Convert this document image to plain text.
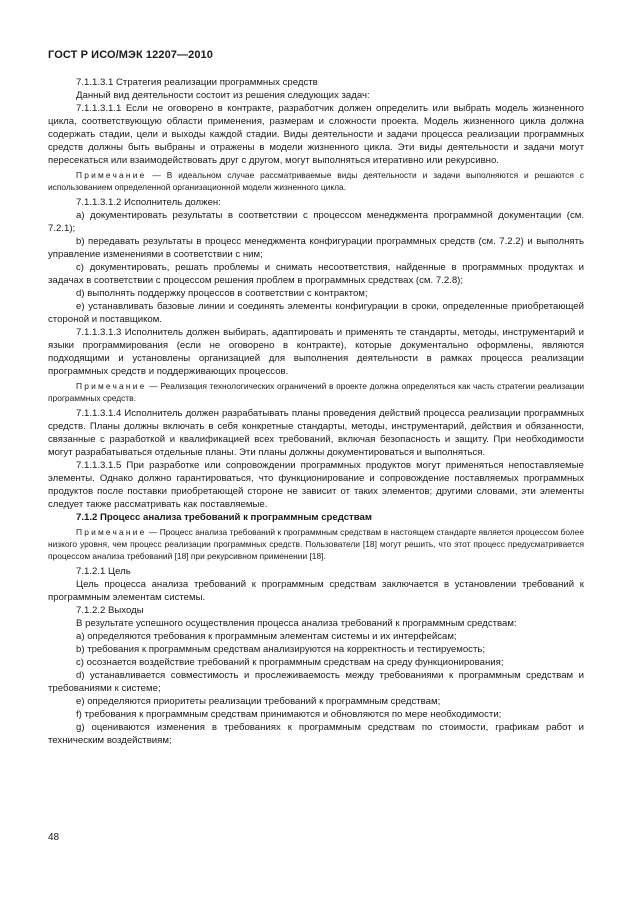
ГОСТ Р ИСО/МЭК 12207—2010

7.1.1.3.1 Стратегия реализации программных средств

Данный вид деятельности состоит из решения следующих задач:

7.1.1.3.1.1 Если не оговорено в контракте, разработчик должен определить или выбрать модель жизненного цикла, соответствующую области применения, размерам и сложности проекта. Модель жизненного цикла должна содержать стадии, цели и выходы каждой стадии. Виды деятельности и задачи процесса реализации программных средств должны быть выбраны и отражены в модели жизненного цикла. Эти виды деятельности и задачи могут пересекаться или взаимодействовать друг с другом, могут выполняться итеративно или рекурсивно.

Примечание — В идеальном случае рассматриваемые виды деятельности и задачи выполняются и решаются с использованием определенной организационной модели жизненного цикла.

7.1.1.3.1.2 Исполнитель должен:

а) документировать результаты в соответствии с процессом менеджмента программной документации (см. 7.2.1);

b) передавать результаты в процесс менеджмента конфигурации программных средств (см. 7.2.2) и выполнять управление изменениями в соответствии с ним;

с) документировать, решать проблемы и снимать несоответствия, найденные в программных продуктах и задачах в соответствии с процессом решения проблем в программных средствах (см. 7.2.8);

d) выполнять поддержку процессов в соответствии с контрактом;

е) устанавливать базовые линии и соединять элементы конфигурации в сроки, определенные приобретающей стороной и поставщиком.

7.1.1.3.1.3 Исполнитель должен выбирать, адаптировать и применять те стандарты, методы, инструментарий и языки программирования (если не оговорено в контракте), которые документально оформлены, являются подходящими и установлены организацией для выполнения деятельности в рамках процесса реализации программных средств и поддерживающих процессов.

Примечание — Реализация технологических ограничений в проекте должна определяться как часть стратегии реализации программных средств.

7.1.1.3.1.4 Исполнитель должен разрабатывать планы проведения действий процесса реализации программных средств. Планы должны включать в себя конкретные стандарты, методы, инструментарий, действия и обязанности, связанные с разработкой и квалификацией всех требований, включая безопасность и защиту. При необходимости могут разрабатываться отдельные планы. Эти планы должны документироваться и выполняться.

7.1.1.3.1.5 При разработке или сопровождении программных продуктов могут применяться непоставляемые элементы. Однако должно гарантироваться, что функционирование и сопровождение поставляемых программных продуктов после поставки приобретающей стороне не зависит от таких элементов; другими словами, эти элементы следует также рассматривать как поставляемые.

7.1.2 Процесс анализа требований к программным средствам

Примечание — Процесс анализа требований к программным средствам в настоящем стандарте является процессом более низкого уровня, чем процесс реализации программных средств. Пользователи [18] могут решить, что этот процесс предусматривается процессом анализа требований [18] при рекурсивном применении [18].

7.1.2.1 Цель

Цель процесса анализа требований к программным средствам заключается в установлении требований к программным элементам системы.

7.1.2.2 Выходы

В результате успешного осуществления процесса анализа требований к программным средствам:

а) определяются требования к программным элементам системы и их интерфейсам;

b) требования к программным средствам анализируются на корректность и тестируемость;

с) осознается воздействие требований к программным средствам на среду функционирования;

d) устанавливается совместимость и прослеживаемость между требованиями к программным средствам и требованиями к системе;

е) определяются приоритеты реализации требований к программным средствам;

f) требования к программным средствам принимаются и обновляются по мере необходимости;

g) оцениваются изменения в требованиях к программным средствам по стоимости, графикам работ и техническим воздействиям;

48
